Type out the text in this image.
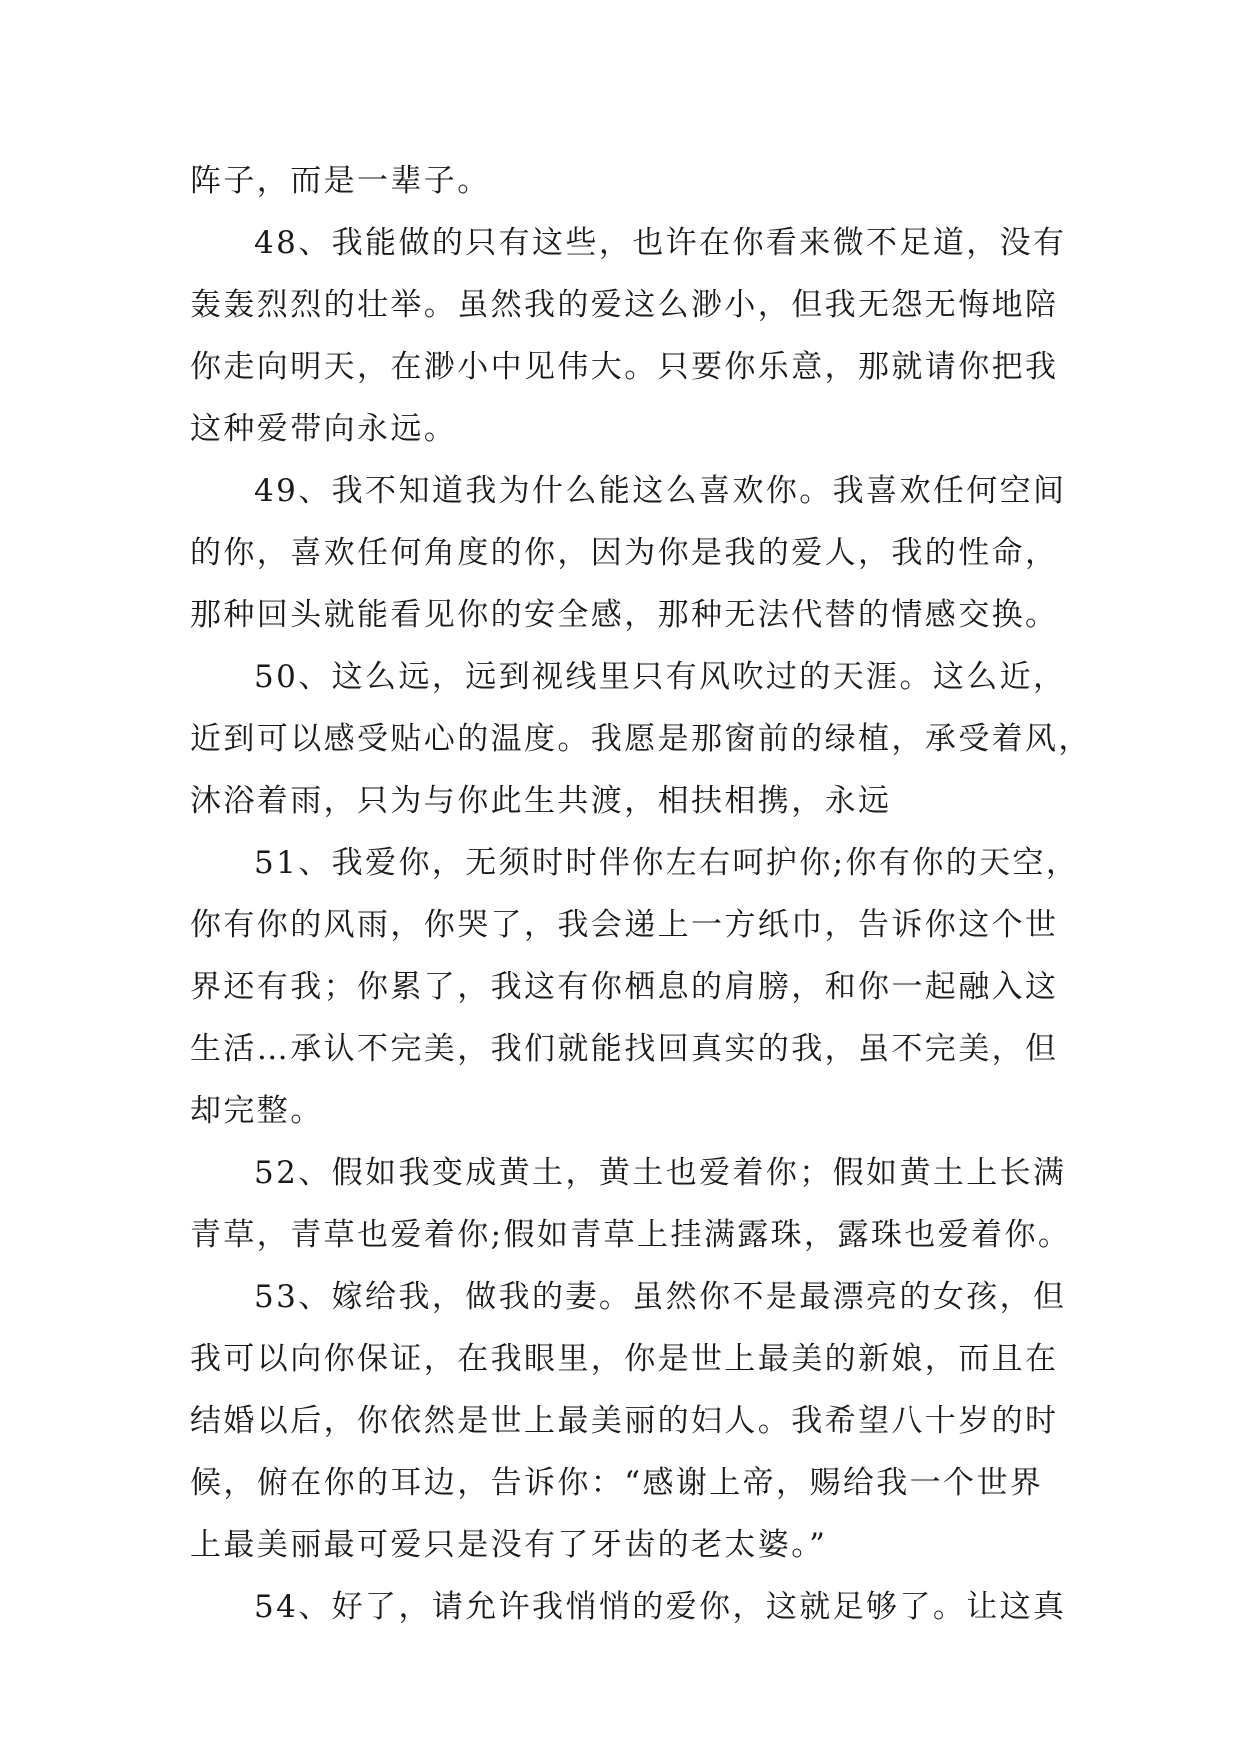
阵子，而是一辈子。
48、我能做的只有这些，也许在你看来微不足道，没有
轰轰烈烈的壮举。虽然我的爱这么渺小，但我无怨无悔地陪
你走向明天，在渺小中见伟大。只要你乐意，那就请你把我
这种爱带向永远。
49、我不知道我为什么能这么喜欢你。我喜欢任何空间
的你，喜欢任何角度的你，因为你是我的爱人，我的性命，
那种回头就能看见你的安全感，那种无法代替的情感交换。
50、这么远，远到视线里只有风吹过的天涯。这么近，
近到可以感受贴心的温度。我愿是那窗前的绿植，承受着风，
沐浴着雨，只为与你此生共渡，相扶相携，永远
51、我爱你，无须时时伴你左右呵护你;你有你的天空，
你有你的风雨，你哭了，我会递上一方纸巾，告诉你这个世
界还有我；你累了，我这有你栖息的肩膀，和你一起融入这
生活…承认不完美，我们就能找回真实的我，虽不完美，但
却完整。
52、假如我变成黄土，黄土也爱着你；假如黄土上长满
青草，青草也爱着你;假如青草上挂满露珠，露珠也爱着你。
53、嫁给我，做我的妻。虽然你不是最漂亮的女孩，但
我可以向你保证，在我眼里，你是世上最美的新娘，而且在
结婚以后，你依然是世上最美丽的妇人。我希望八十岁的时
候，俯在你的耳边，告诉你：“感谢上帝，赐给我一个世界
上最美丽最可爱只是没有了牙齿的老太婆。”
54、好了，请允许我悄悄的爱你，这就足够了。让这真
